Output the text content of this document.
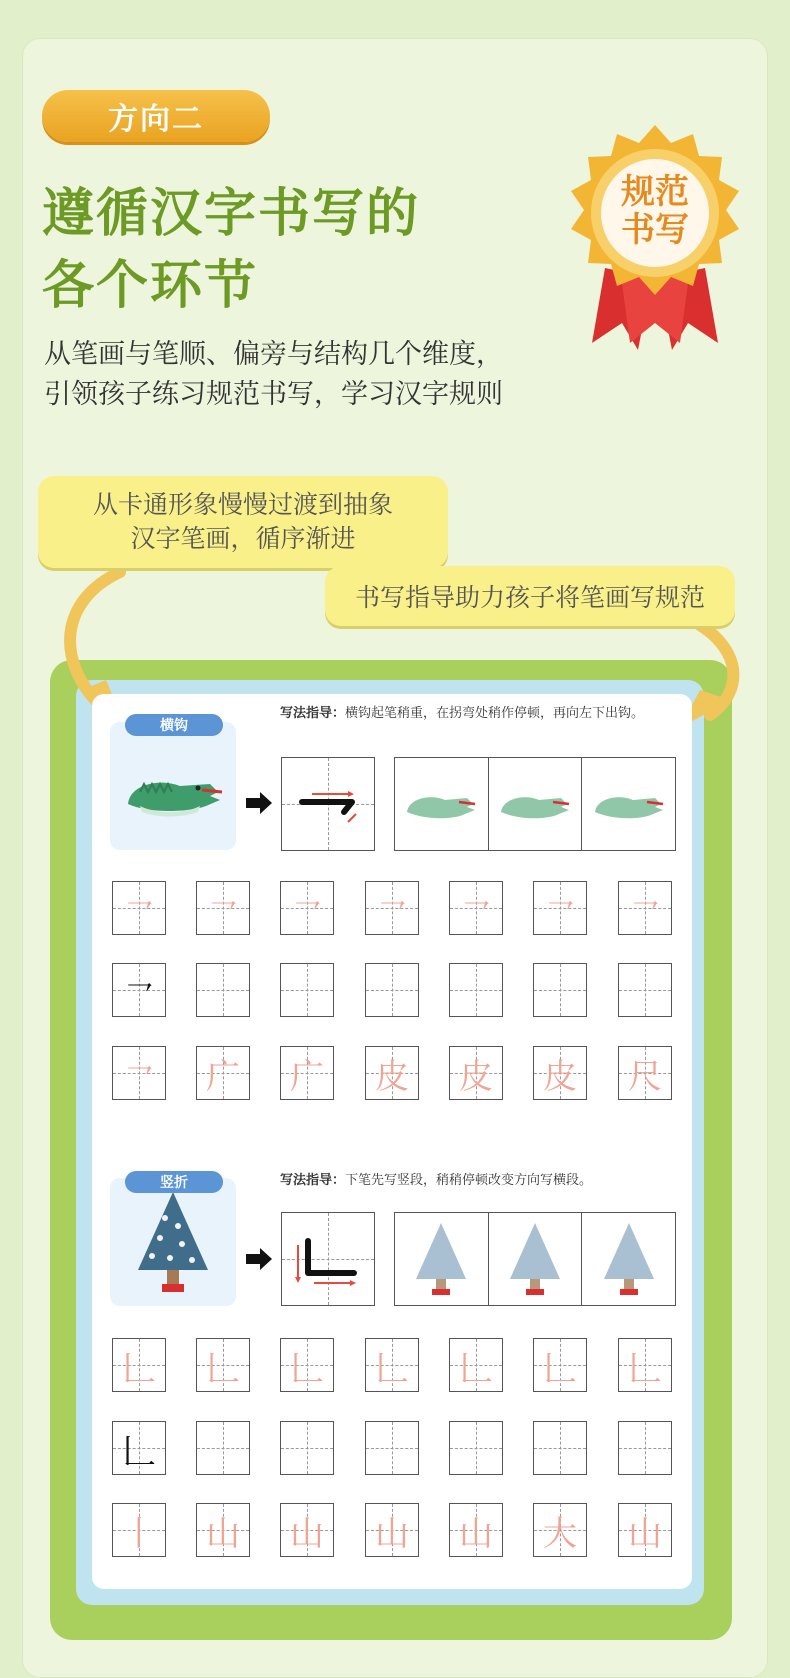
方向二
遵循汉字书写的
各个环节
从笔画与笔顺、偏旁与结构几个维度，
引领孩子练习规范书写，学习汉字规则
规范
书写
从卡通形象慢慢过渡到抽象
汉字笔画，循序渐进
书写指导助力孩子将笔画写规范
横钩
写法指导：横钩起笔稍重，在拐弯处稍作停顿，再向左下出钩。
㇖ ㇖ ㇖ ㇖ ㇖ ㇖ ㇖
㇖
㇖ 广 广 皮 皮 皮 尺
竖折	写法指导：下笔先写竖段，稍稍停顿改变方向写横段。
𠃊 𠃊 𠃊 𠃊 𠃊 𠃊 𠃊
𠃊
丨 山 山 山 山 大 山
